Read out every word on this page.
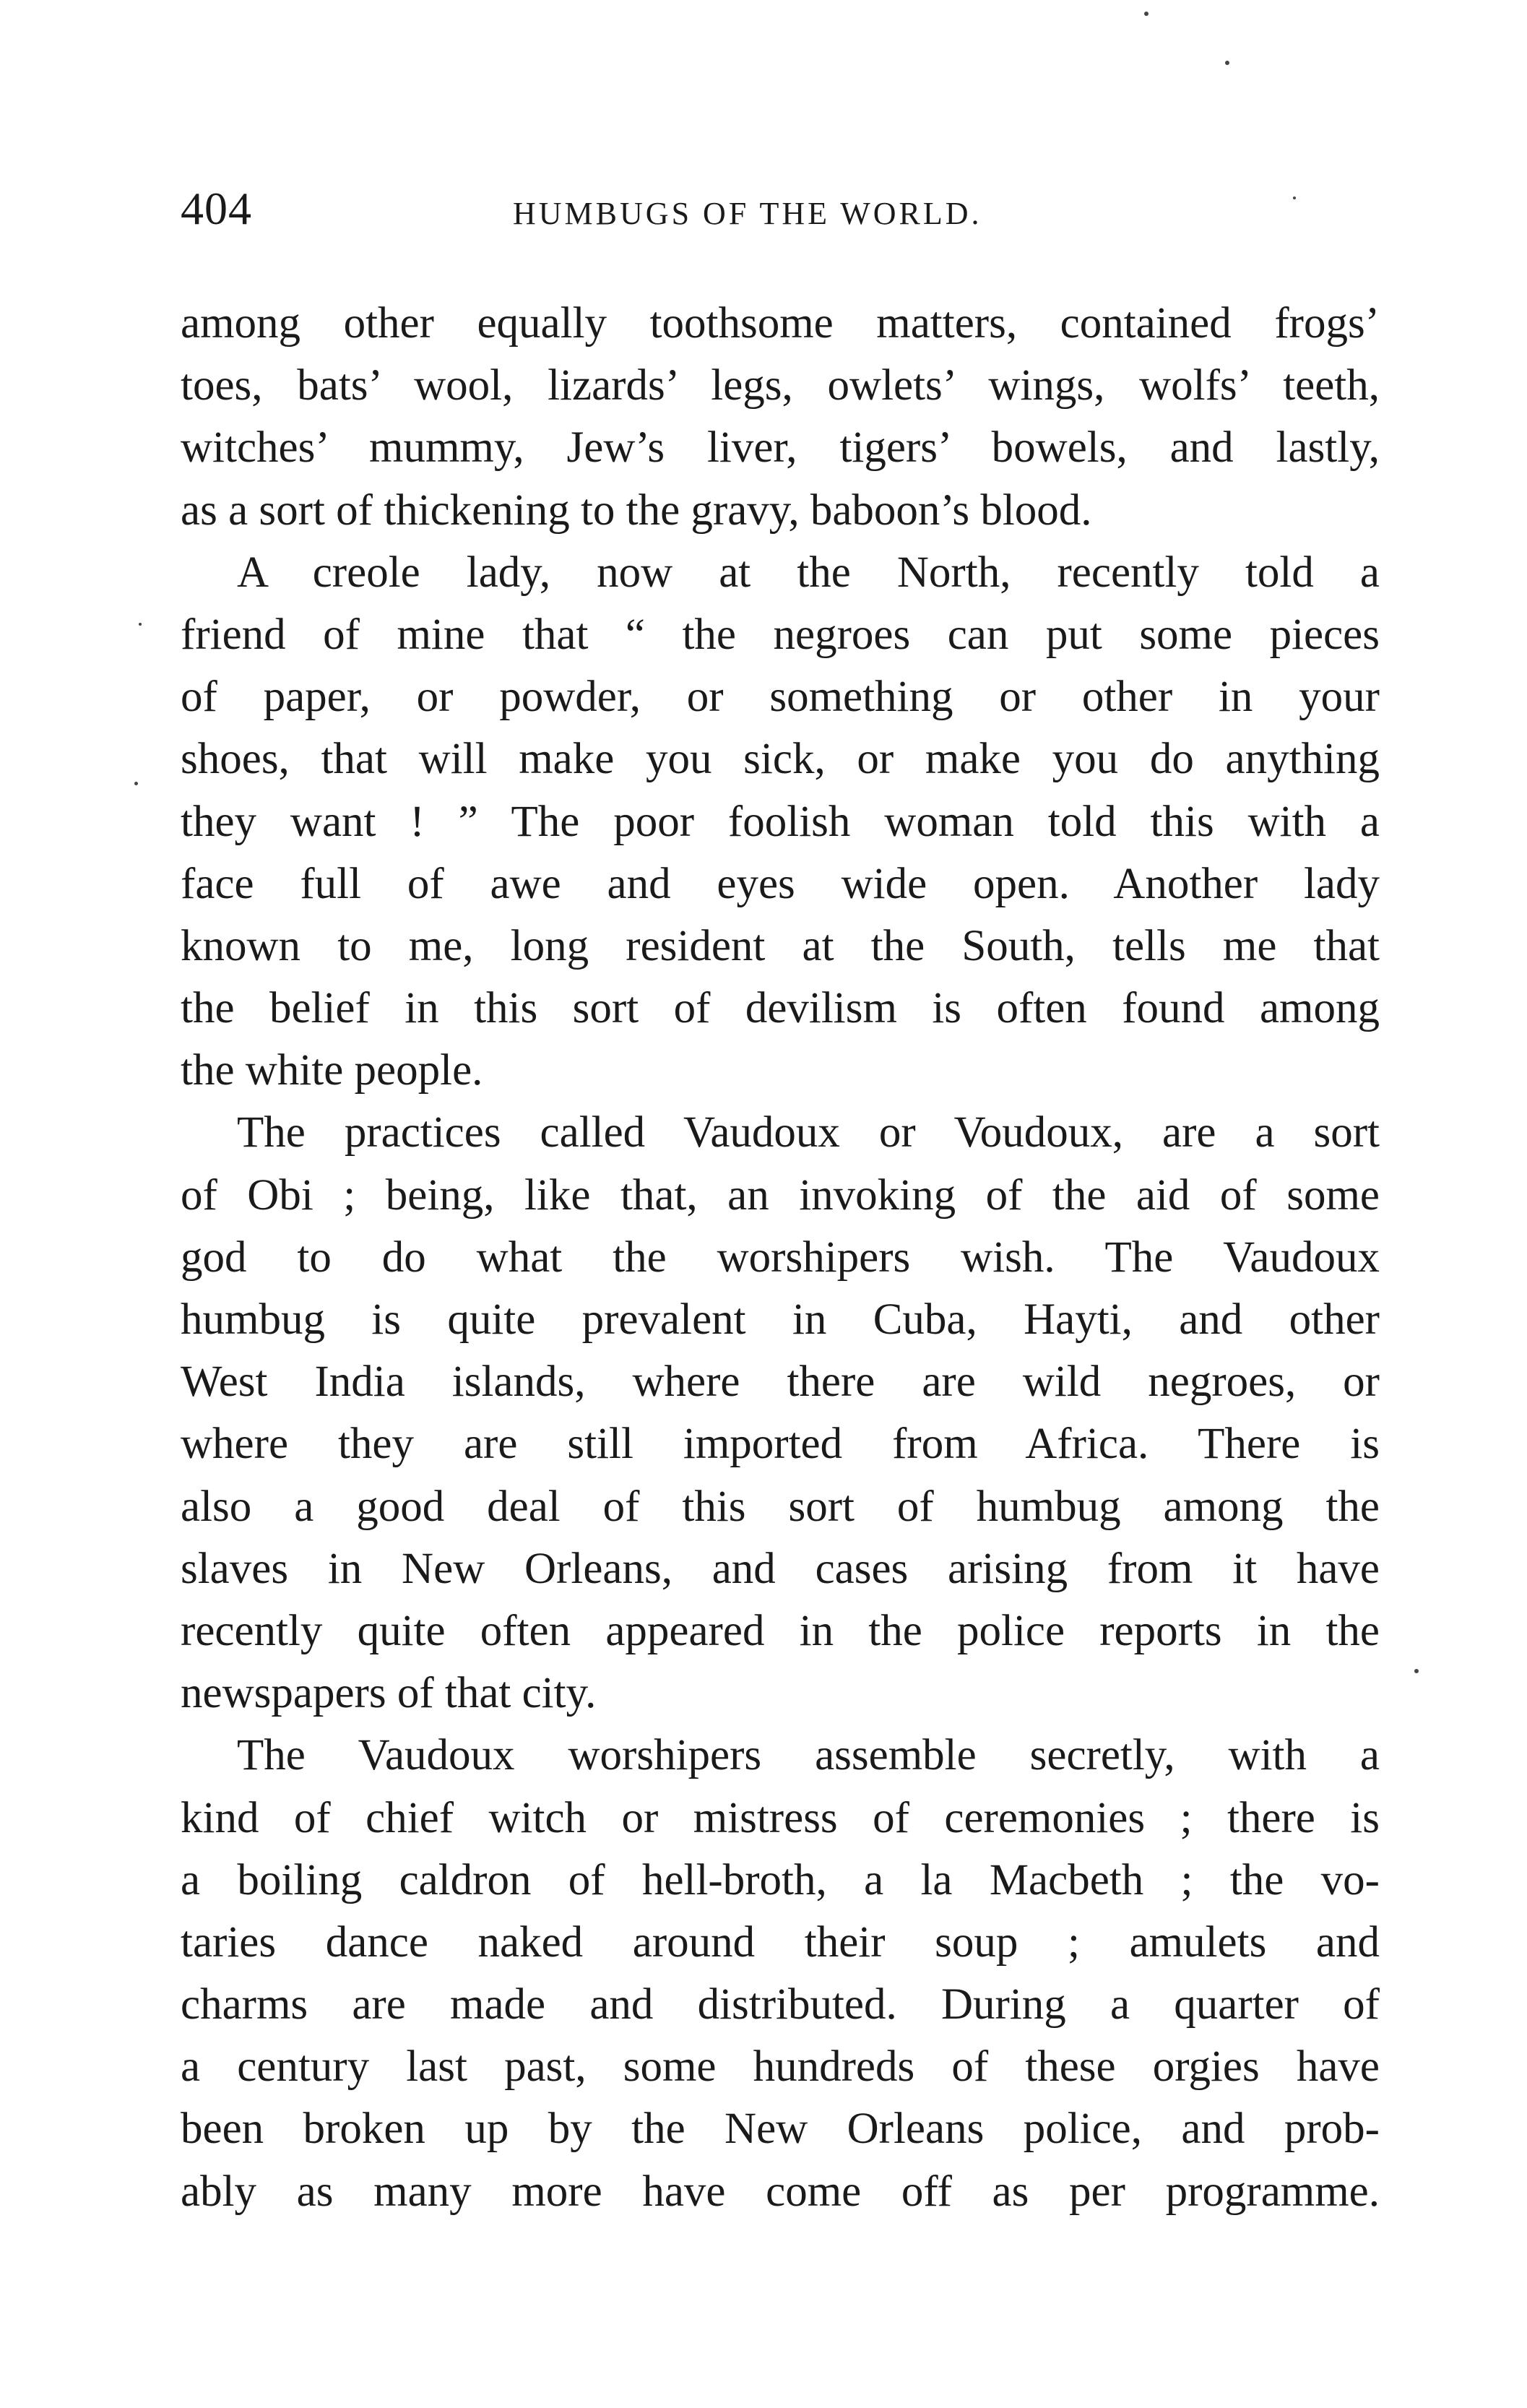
404	HUMBUGS OF THE WORLD.
among other equally toothsome matters, contained frogs’
toes, bats’ wool, lizards’ legs, owlets’ wings, wolfs’ teeth,
witches’ mummy, Jew’s liver, tigers’ bowels, and lastly,
as a sort of thickening to the gravy, baboon’s blood.
A creole lady, now at the North, recently told a
friend of mine that “ the negroes can put some pieces
of paper, or powder, or something or other in your
shoes, that will make you sick, or make you do anything
they want ! ” The poor foolish woman told this with a
face full of awe and eyes wide open. Another lady
known to me, long resident at the South, tells me that
the belief in this sort of devilism is often found among
the white people.
The practices called Vaudoux or Voudoux, are a sort
of Obi ; being, like that, an invoking of the aid of some
god to do what the worshipers wish. The Vaudoux
humbug is quite prevalent in Cuba, Hayti, and other
West India islands, where there are wild negroes, or
where they are still imported from Africa. There is
also a good deal of this sort of humbug among the
slaves in New Orleans, and cases arising from it have
recently quite often appeared in the police reports in the
newspapers of that city.
The Vaudoux worshipers assemble secretly, with a
kind of chief witch or mistress of ceremonies ; there is
a boiling caldron of hell-broth, a la Macbeth ; the vo-
taries dance naked around their soup ; amulets and
charms are made and distributed. During a quarter of
a century last past, some hundreds of these orgies have
been broken up by the New Orleans police, and prob-
ably as many more have come off as per programme.
